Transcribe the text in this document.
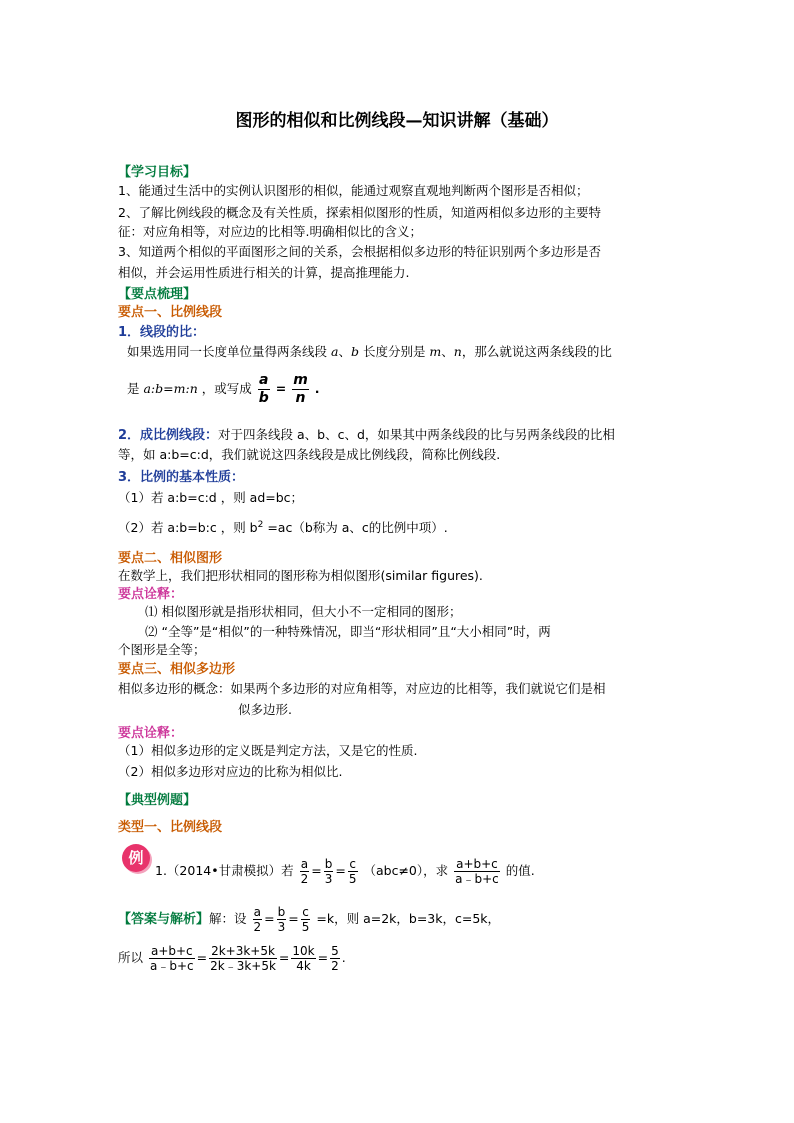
图形的相似和比例线段—知识讲解（基础）
【学习目标】
1、能通过生活中的实例认识图形的相似，能通过观察直观地判断两个图形是否相似；
2、了解比例线段的概念及有关性质，探索相似图形的性质，知道两相似多边形的主要特
征：对应角相等，对应边的比相等.明确相似比的含义；
3、知道两个相似的平面图形之间的关系，会根据相似多边形的特征识别两个多边形是否
相似，并会运用性质进行相关的计算，提高推理能力.
【要点梳理】
要点一、比例线段
1．线段的比：
如果选用同一长度单位量得两条线段 a、b 长度分别是 m、n，那么就说这两条线段的比
是 a:b=m:n ，或写成 $\frac{a}{b} = \frac{m}{n}$ .
2．成比例线段：对于四条线段 a、b、c、d，如果其中两条线段的比与另两条线段的比相
等，如 a:b=c:d，我们就说这四条线段是成比例线段，简称比例线段.
3．比例的基本性质：
（1）若 a:b=c:d ，则 ad=bc；
（2）若 a:b=b:c ，则 $b^2 =ac(b$称为 a、c的比例中项）.
要点二、相似图形
在数学上，我们把形状相同的图形称为相似图形(similar figures).
要点诠释：
⑴ 相似图形就是指形状相同，但大小不一定相同的图形；
⑵ “全等”是“相似”的一种特殊情况，即当“形状相同”且“大小相同”时，两
个图形是全等；
要点三、相似多边形
相似多边形的概念：如果两个多边形的对应角相等，对应边的比相等，我们就说它们是相
似多边形.
要点诠释：
（1）相似多边形的定义既是判定方法，又是它的性质.
（2）相似多边形对应边的比称为相似比.
【典型例题】
类型一、比例线段
例
1.（2014•甘肃模拟）若 $\frac{a}{2} = \frac{b}{3} = \frac{c}{5} (abc\ne 0)$，求 $\frac{a+b+c}{a﹣b+c}$ 的值.
【答案与解析】解：设 $\frac{a}{2} = \frac{b}{3} = \frac{c}{5} =k$，则 a=2k，b=3k，c=5k，
所以 $\frac{a+b+c}{a﹣b+c} = \frac{2k+3k+5k}{2k﹣3k+5k} = \frac{10k}{4k} = \frac{5}{2}$ .
